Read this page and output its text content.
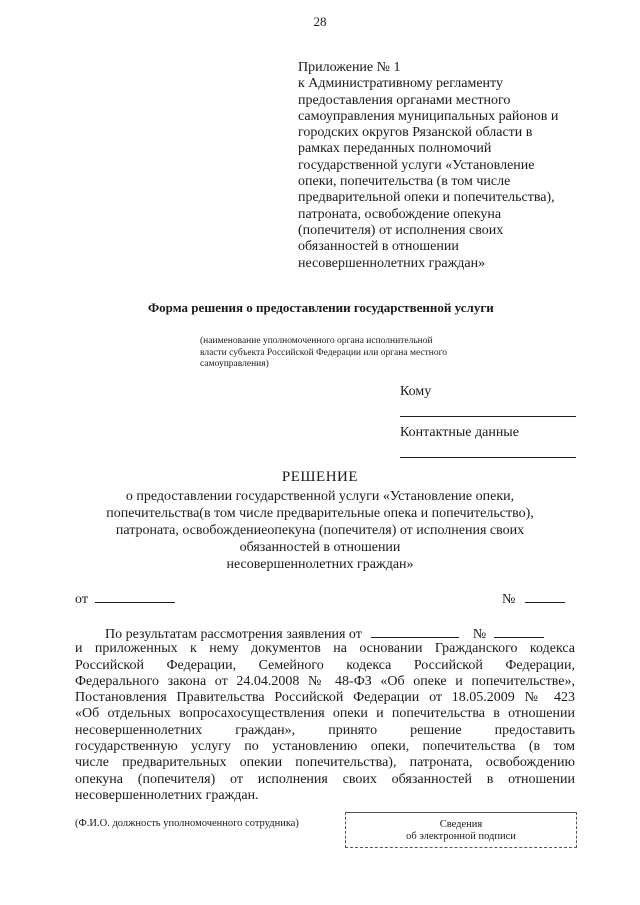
28
Приложение № 1
к Административному регламенту
предоставления органами местного
самоуправления муниципальных районов и
городских округов Рязанской области в
рамках переданных полномочий
государственной услуги «Установление
опеки, попечительства (в том числе
предварительной опеки и попечительства),
патроната, освобождение опекуна
(попечителя) от исполнения своих
обязанностей в отношении
несовершеннолетних граждан»
Форма решения о предоставлении государственной услуги
(наименование уполномоченного органа исполнительной
власти субъекта Российской Федерации или органа местного
самоуправления)
Кому
Контактные данные
РЕШЕНИЕ
о предоставлении государственной услуги «Установление опеки,
попечительства(в том числе предварительные опека и попечительство),
патроната, освобождениеопекуна (попечителя) от исполнения своих
обязанностей в отношении
несовершеннолетних граждан»
от	№
По результатам рассмотрения заявления от	№
и приложенных к нему документов на основании Гражданского кодекса
Российской Федерации, Семейного кодекса Российской Федерации,
Федерального закона от 24.04.2008 № 48-ФЗ «Об опеке и попечительстве»,
Постановления Правительства Российской Федерации от 18.05.2009 № 423
«Об отдельных вопросахосуществления опеки и попечительства в отношении
несовершеннолетних граждан», принято решение предоставить
государственную услугу по установлению опеки, попечительства (в том
числе предварительных опекии попечительства), патроната, освобождению
опекуна (попечителя) от исполнения своих обязанностей в отношении
несовершеннолетних граждан.
(Ф.И.О. должность уполномоченного сотрудника)	Сведения
об электронной подписи
